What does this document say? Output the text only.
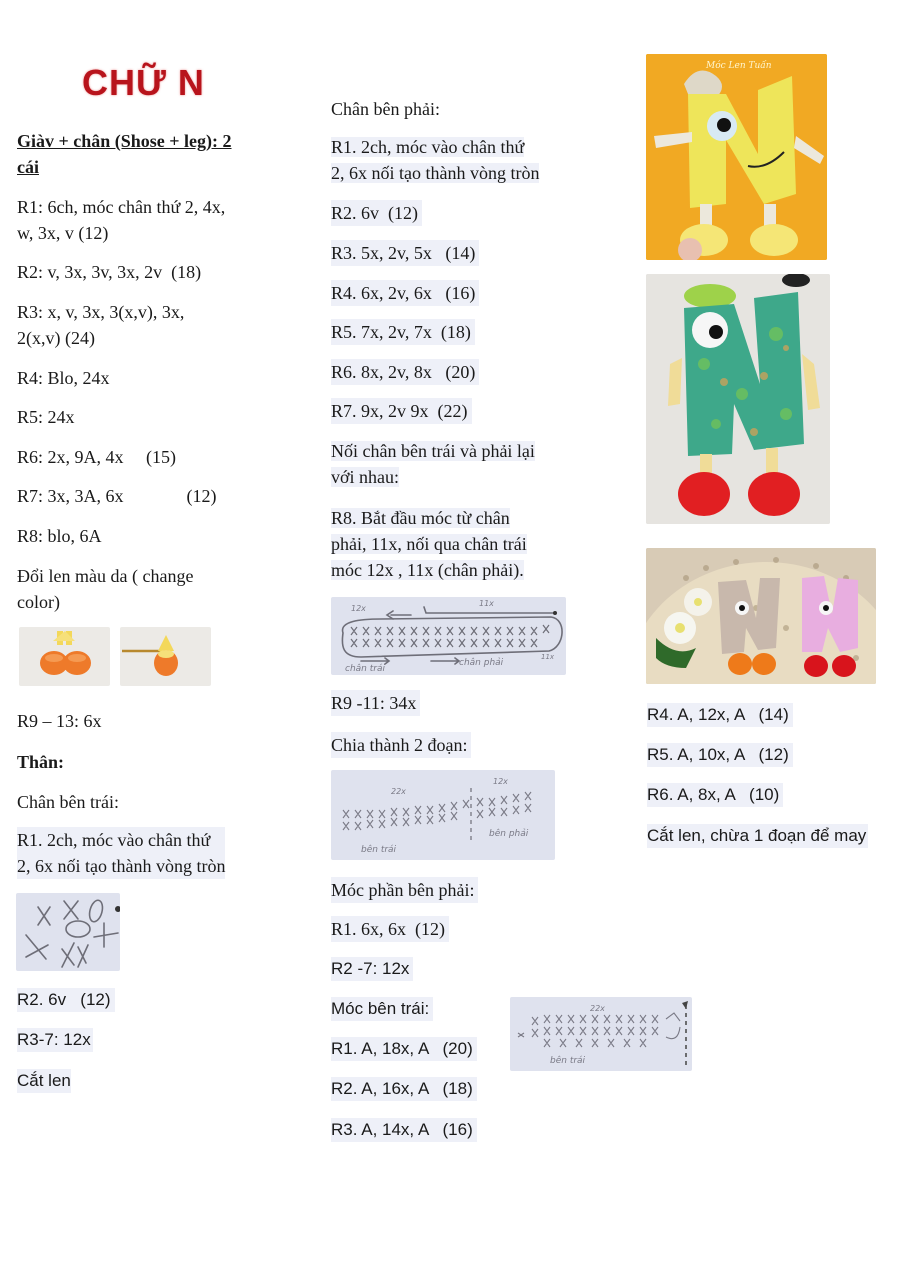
CHỮ N
Giàv + chân (Shose + leg): 2
cái
R1: 6ch, móc chân thứ 2, 4x,
w, 3x, v (12)
R2: v, 3x, 3v, 3x, 2v  (18)
R3: x, v, 3x, 3(x,v), 3x,
2(x,v) (24)
R4: Blo, 24x
R5: 24x
R6: 2x, 9A, 4x     (15)
R7: 3x, 3A, 6x              (12)
R8: blo, 6A
Đổi len màu da ( change
color)
R9 – 13: 6x
Thân:
Chân bên trái:
R1. 2ch, móc vào chân thứ
2, 6x nối tạo thành vòng tròn
R2. 6v   (12)
R3-7: 12x
Cắt len
Chân bên phải:
R1. 2ch, móc vào chân thứ
2, 6x nối tạo thành vòng tròn
R2. 6v  (12)
R3. 5x, 2v, 5x   (14)
R4. 6x, 2v, 6x   (16)
R5. 7x, 2v, 7x  (18)
R6. 8x, 2v, 8x   (20)
R7. 9x, 2v 9x  (22)
Nối chân bên trái và phải lại
với nhau:
R8. Bắt đầu móc từ chân
phải, 11x, nối qua chân trái
móc 12x , 11x (chân phải).
12x
11x
chân trái
chân phải
11x
R9 -11: 34x
Chia thành 2 đoạn:
22x
12x
bên trái
bên phải
Móc phần bên phải:
R1. 6x, 6x  (12)
R2 -7: 12x
Móc bên trái:
R1. A, 18x, A   (20)
R2. A, 16x, A   (18)
R3. A, 14x, A   (16)
22x
bên trái
Móc Len Tuấn
R4. A, 12x, A   (14)
R5. A, 10x, A   (12)
R6. A, 8x, A   (10)
Cắt len, chừa 1 đoạn để may
